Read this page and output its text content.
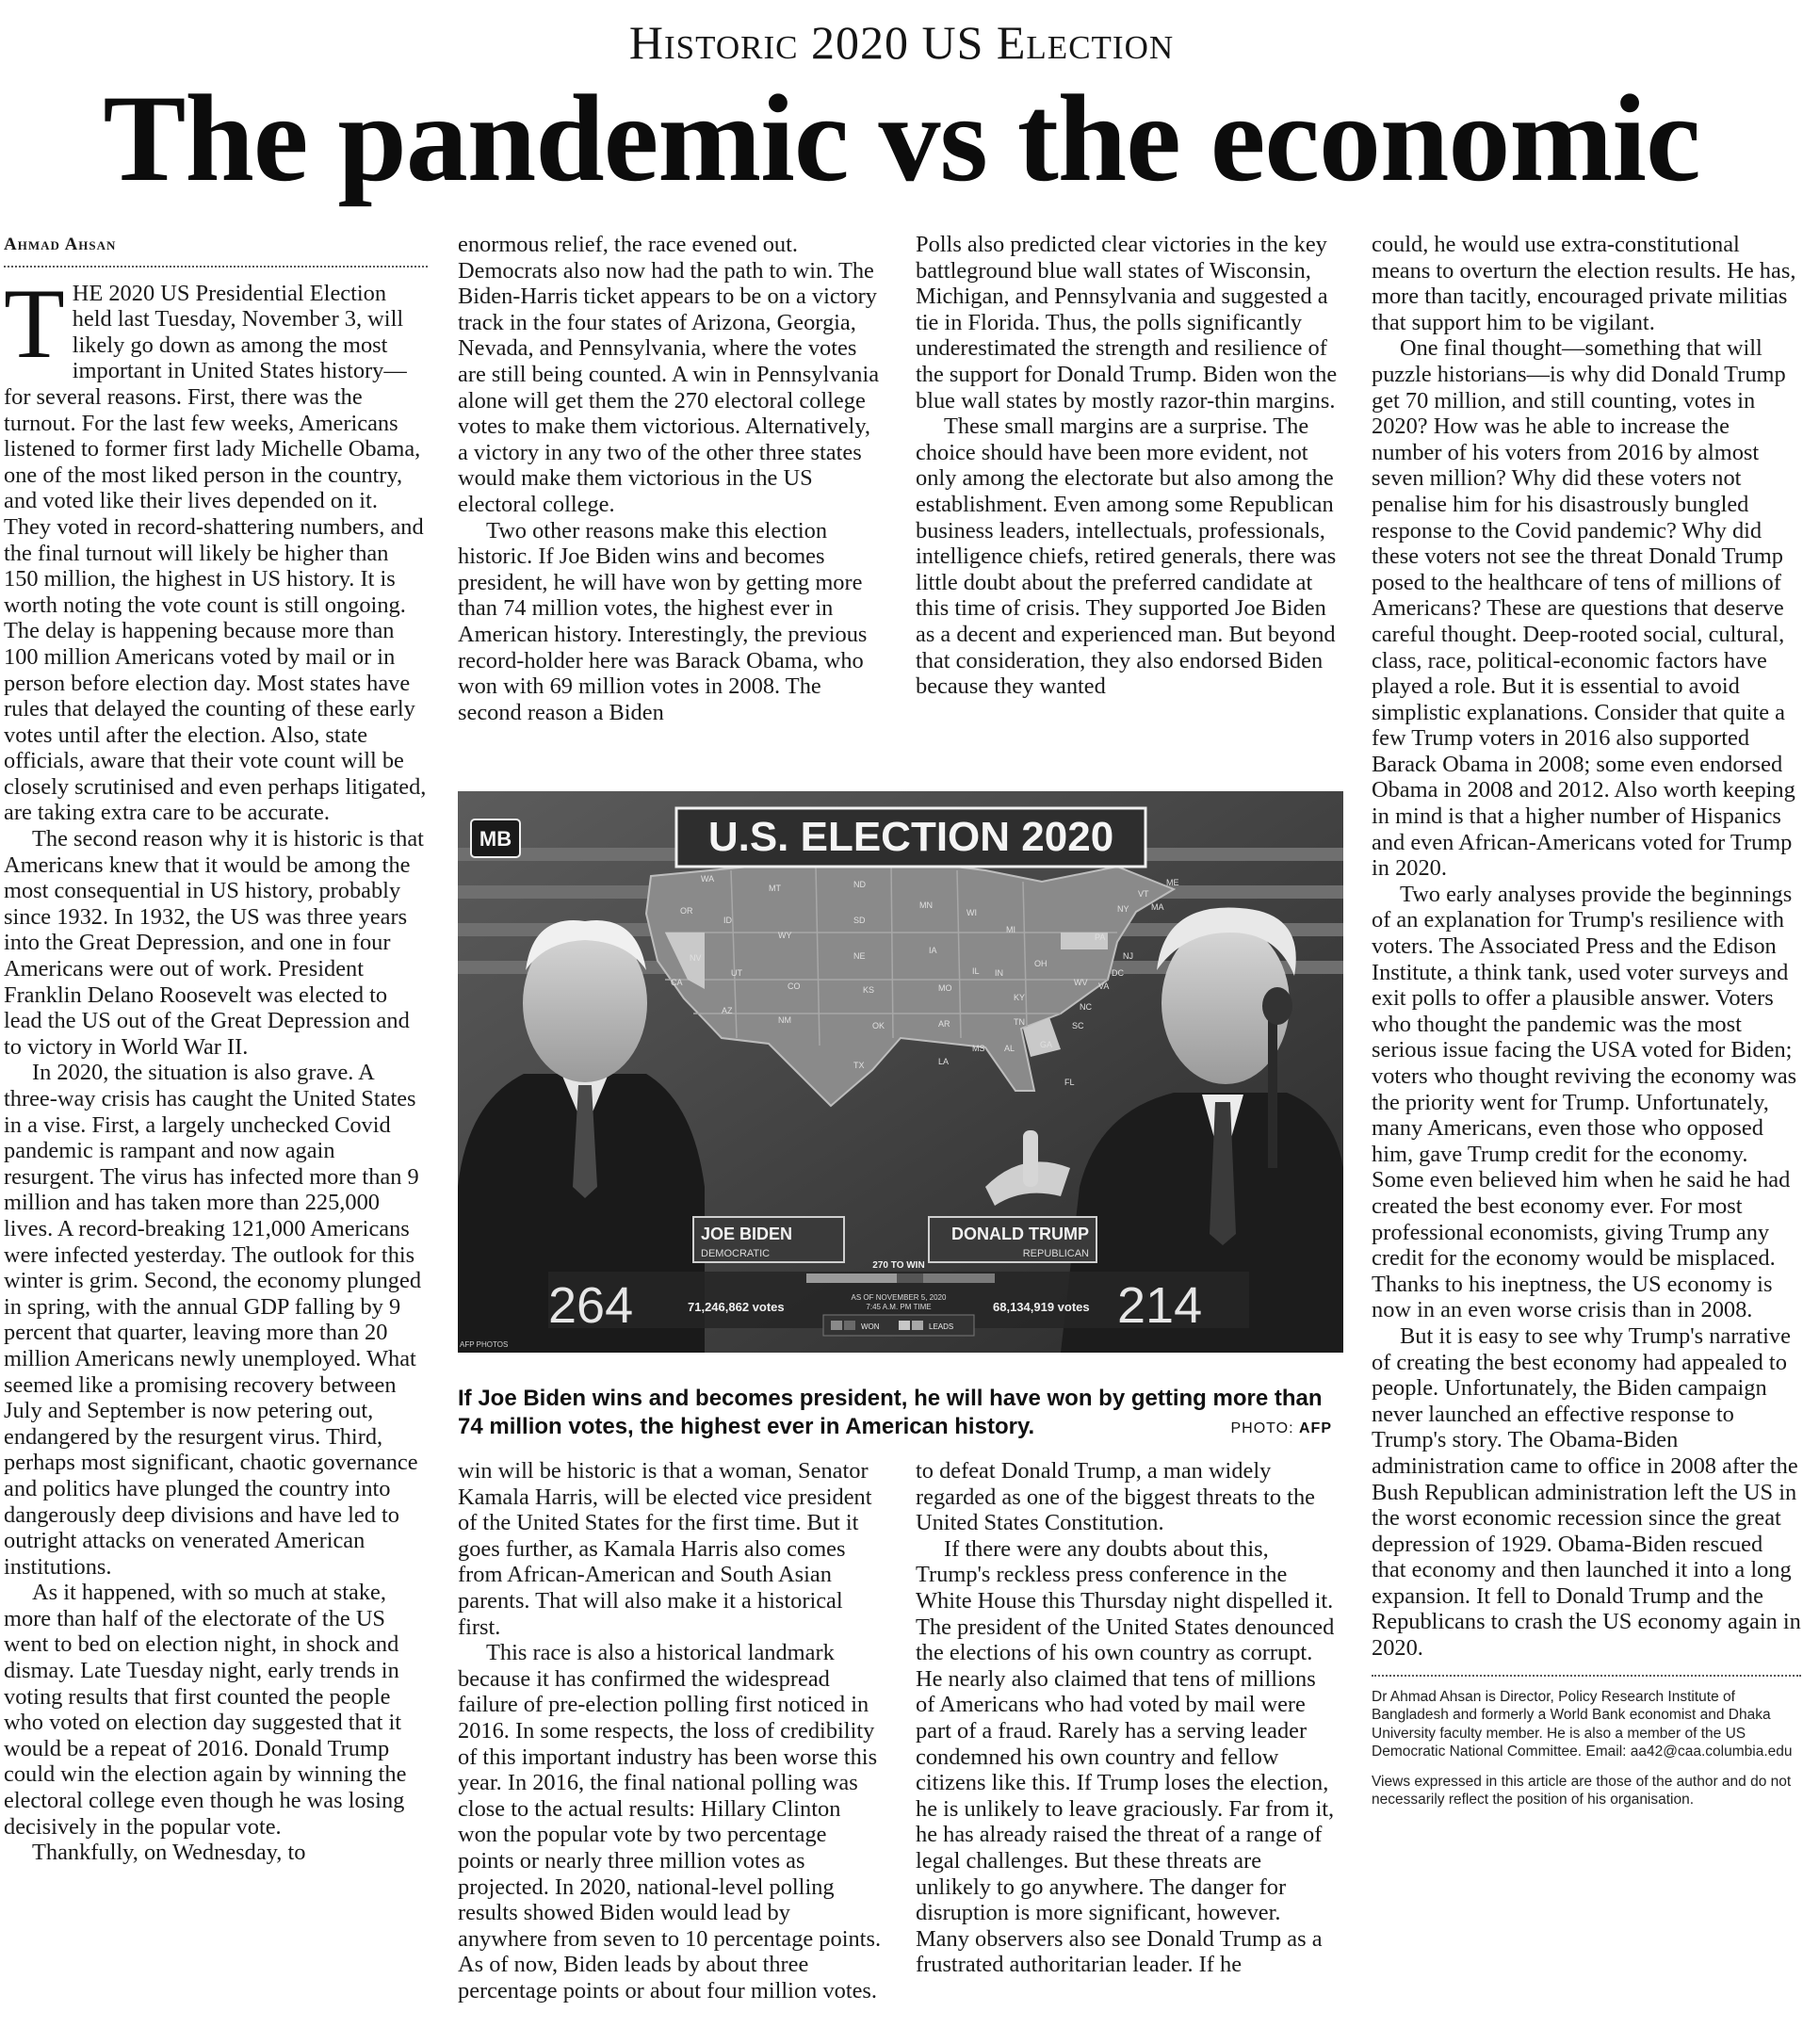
Historic 2020 US Election
The pandemic vs the economic
Ahmad Ahsan

THE 2020 US Presidential Election held last Tuesday, November 3, will likely go down as among the most important in United States history—for several reasons. First, there was the turnout. For the last few weeks, Americans listened to former first lady Michelle Obama, one of the most liked person in the country, and voted like their lives depended on it. They voted in record-shattering numbers, and the final turnout will likely be higher than 150 million, the highest in US history. It is worth noting the vote count is still ongoing. The delay is happening because more than 100 million Americans voted by mail or in person before election day. Most states have rules that delayed the counting of these early votes until after the election. Also, state officials, aware that their vote count will be closely scrutinised and even perhaps litigated, are taking extra care to be accurate.

The second reason why it is historic is that Americans knew that it would be among the most consequential in US history, probably since 1932. In 1932, the US was three years into the Great Depression, and one in four Americans were out of work. President Franklin Delano Roosevelt was elected to lead the US out of the Great Depression and to victory in World War II.

In 2020, the situation is also grave. A three-way crisis has caught the United States in a vise. First, a largely unchecked Covid pandemic is rampant and now again resurgent. The virus has infected more than 9 million and has taken more than 225,000 lives. A record-breaking 121,000 Americans were infected yesterday. The outlook for this winter is grim. Second, the economy plunged in spring, with the annual GDP falling by 9 percent that quarter, leaving more than 20 million Americans newly unemployed. What seemed like a promising recovery between July and September is now petering out, endangered by the resurgent virus. Third, perhaps most significant, chaotic governance and politics have plunged the country into dangerously deep divisions and have led to outright attacks on venerated American institutions.

As it happened, with so much at stake, more than half of the electorate of the US went to bed on election night, in shock and dismay. Late Tuesday night, early trends in voting results that first counted the people who voted on election day suggested that it would be a repeat of 2016. Donald Trump could win the election again by winning the electoral college even though he was losing decisively in the popular vote.

Thankfully, on Wednesday, to

enormous relief, the race evened out. Democrats also now had the path to win. The Biden-Harris ticket appears to be on a victory track in the four states of Arizona, Georgia, Nevada, and Pennsylvania, where the votes are still being counted. A win in Pennsylvania alone will get them the 270 electoral college votes to make them victorious. Alternatively, a victory in any two of the other three states would make them victorious in the US electoral college.

Two other reasons make this election historic. If Joe Biden wins and becomes president, he will have won by getting more than 74 million votes, the highest ever in American history. Interestingly, the previous record-holder here was Barack Obama, who won with 69 million votes in 2008. The second reason a Biden

Polls also predicted clear victories in the key battleground blue wall states of Wisconsin, Michigan, and Pennsylvania and suggested a tie in Florida. Thus, the polls significantly underestimated the strength and resilience of the support for Donald Trump. Biden won the blue wall states by mostly razor-thin margins.

These small margins are a surprise. The choice should have been more evident, not only among the electorate but also among the establishment. Even among some Republican business leaders, intellectuals, professionals, intelligence chiefs, retired generals, there was little doubt about the preferred candidate at this time of crisis. They supported Joe Biden as a decent and experienced man. But beyond that consideration, they also endorsed Biden because they wanted

WA
OR
CA
NV
ID
MT
WY
UT
AZ
CO
NM
ND
SD
NE
KS
OK
TX
MN
IA
MO
AR
LA
WI
IL
MI
IN
OH
KY
TN
MS AL	GA
FL
SC
NC
VA
WV
PA
NY
ME
VT
MA
NJ
DC
MB	U.S. ELECTION 2020
JOE BIDEN
DEMOCRATIC
DONALD TRUMP
REPUBLICAN
264	71,246,862 votes
270 TO WIN
AS OF NOVEMBER 5, 2020
7:45 A.M. PM TIME
WON	LEADS
68,134,919 votes 214
AFP PHOTOS
If Joe Biden wins and becomes president, he will have won by getting more than 74 million votes, the highest ever in American history.	PHOTO: AFP

win will be historic is that a woman, Senator Kamala Harris, will be elected vice president of the United States for the first time. But it goes further, as Kamala Harris also comes from African-American and South Asian parents. That will also make it a historical first.

This race is also a historical landmark because it has confirmed the widespread failure of pre-election polling first noticed in 2016. In some respects, the loss of credibility of this important industry has been worse this year. In 2016, the final national polling was close to the actual results: Hillary Clinton won the popular vote by two percentage points or nearly three million votes as projected. In 2020, national-level polling results showed Biden would lead by anywhere from seven to 10 percentage points. As of now, Biden leads by about three percentage points or about four million votes.

to defeat Donald Trump, a man widely regarded as one of the biggest threats to the United States Constitution.

If there were any doubts about this, Trump's reckless press conference in the White House this Thursday night dispelled it. The president of the United States denounced the elections of his own country as corrupt. He nearly also claimed that tens of millions of Americans who had voted by mail were part of a fraud. Rarely has a serving leader condemned his own country and fellow citizens like this. If Trump loses the election, he is unlikely to leave graciously. Far from it, he has already raised the threat of a range of legal challenges. But these threats are unlikely to go anywhere. The danger for disruption is more significant, however. Many observers also see Donald Trump as a frustrated authoritarian leader. If he

could, he would use extra-constitutional means to overturn the election results. He has, more than tacitly, encouraged private militias that support him to be vigilant.

One final thought—something that will puzzle historians—is why did Donald Trump get 70 million, and still counting, votes in 2020? How was he able to increase the number of his voters from 2016 by almost seven million? Why did these voters not penalise him for his disastrously bungled response to the Covid pandemic? Why did these voters not see the threat Donald Trump posed to the healthcare of tens of millions of Americans? These are questions that deserve careful thought. Deep-rooted social, cultural, class, race, political-economic factors have played a role. But it is essential to avoid simplistic explanations. Consider that quite a few Trump voters in 2016 also supported Barack Obama in 2008; some even endorsed Obama in 2008 and 2012. Also worth keeping in mind is that a higher number of Hispanics and even African-Americans voted for Trump in 2020.

Two early analyses provide the beginnings of an explanation for Trump's resilience with voters. The Associated Press and the Edison Institute, a think tank, used voter surveys and exit polls to offer a plausible answer. Voters who thought the pandemic was the most serious issue facing the USA voted for Biden; voters who thought reviving the economy was the priority went for Trump. Unfortunately, many Americans, even those who opposed him, gave Trump credit for the economy. Some even believed him when he said he had created the best economy ever. For most professional economists, giving Trump any credit for the economy would be misplaced. Thanks to his ineptness, the US economy is now in an even worse crisis than in 2008.

But it is easy to see why Trump's narrative of creating the best economy had appealed to people. Unfortunately, the Biden campaign never launched an effective response to Trump's story. The Obama-Biden administration came to office in 2008 after the Bush Republican administration left the US in the worst economic recession since the great depression of 1929. Obama-Biden rescued that economy and then launched it into a long expansion. It fell to Donald Trump and the Republicans to crash the US economy again in 2020.

Dr Ahmad Ahsan is Director, Policy Research Institute of Bangladesh and formerly a World Bank economist and Dhaka University faculty member. He is also a member of the US Democratic National Committee. Email: aa42@caa.columbia.edu

Views expressed in this article are those of the author and do not necessarily reflect the position of his organisation.
